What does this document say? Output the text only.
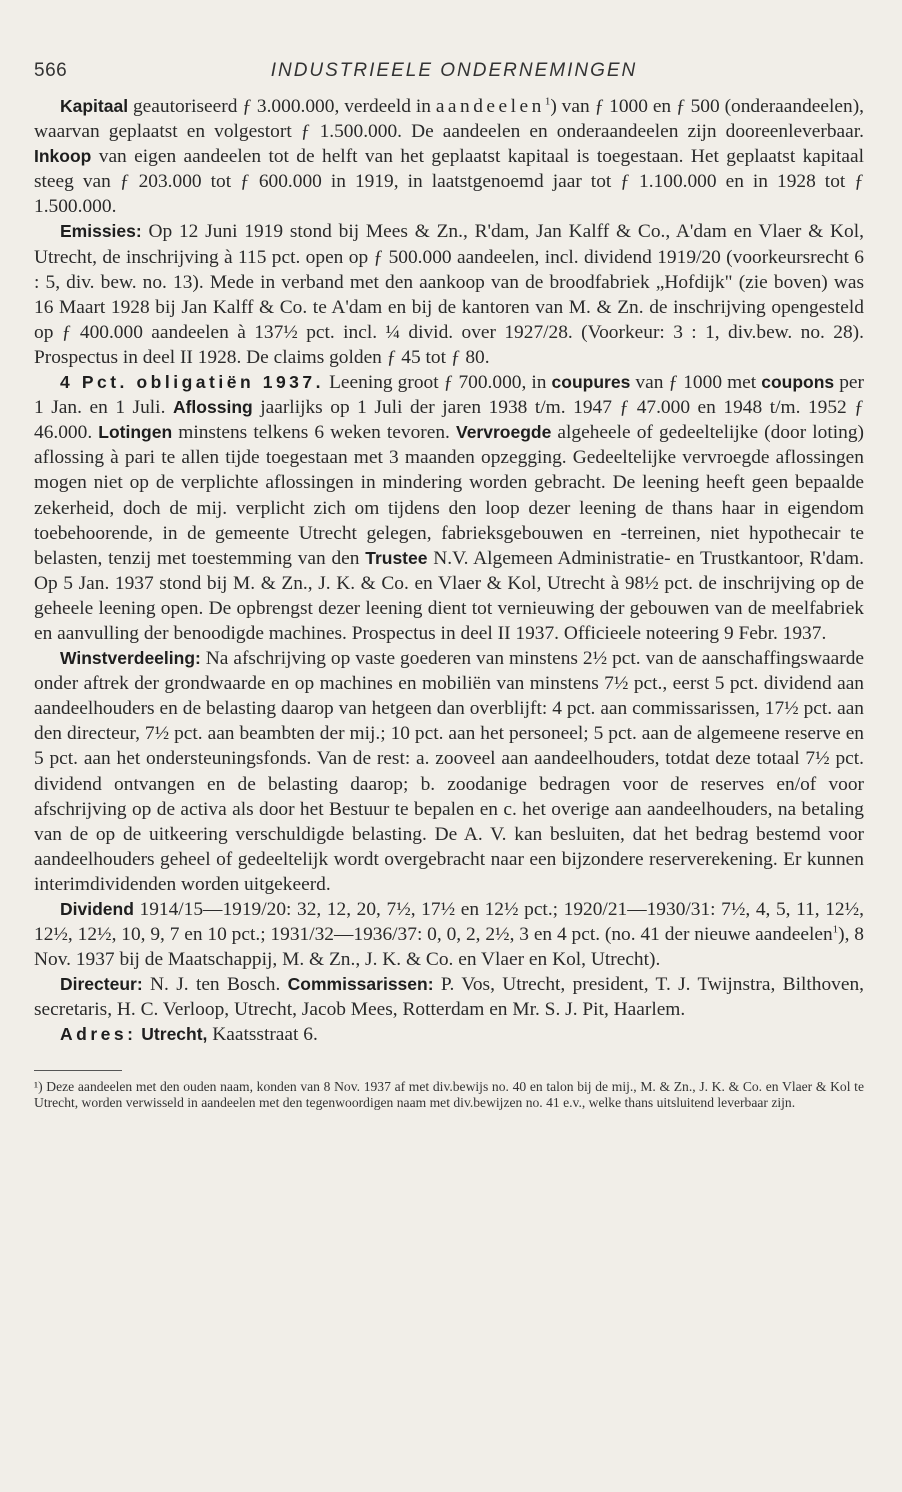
566	INDUSTRIEELE ONDERNEMINGEN

Kapitaal geautoriseerd ƒ 3.000.000, verdeeld in aandeelen$^1$) van ƒ 1000 en ƒ 500 (onderaandeelen), waarvan geplaatst en volgestort ƒ 1.500.000. De aandeelen en onderaandeelen zijn dooreenleverbaar. Inkoop van eigen aandeelen tot de helft van het geplaatst kapitaal is toegestaan. Het geplaatst kapitaal steeg van ƒ 203.000 tot ƒ 600.000 in 1919, in laatstgenoemd jaar tot ƒ 1.100.000 en in 1928 tot ƒ 1.500.000.

Emissies: Op 12 Juni 1919 stond bij Mees & Zn., R'dam, Jan Kalff & Co., A'dam en Vlaer & Kol, Utrecht, de inschrijving à 115 pct. open op ƒ 500.000 aandeelen, incl. dividend 1919/20 (voorkeursrecht 6 : 5, div. bew. no. 13). Mede in verband met den aankoop van de broodfabriek „Hofdijk" (zie boven) was 16 Maart 1928 bij Jan Kalff & Co. te A'dam en bij de kantoren van M. & Zn. de inschrijving opengesteld op ƒ 400.000 aandeelen à 137½ pct. incl. ¼ divid. over 1927/28. (Voorkeur: 3 : 1, div.bew. no. 28). Prospectus in deel II 1928. De claims golden ƒ 45 tot ƒ 80.

4 Pct. obligatiën 1937. Leening groot ƒ 700.000, in coupures van ƒ 1000 met coupons per 1 Jan. en 1 Juli. Aflossing jaarlijks op 1 Juli der jaren 1938 t/m. 1947 ƒ 47.000 en 1948 t/m. 1952 ƒ 46.000. Lotingen minstens telkens 6 weken tevoren. Vervroegde algeheele of gedeeltelijke (door loting) aflossing à pari te allen tijde toegestaan met 3 maanden opzegging. Gedeeltelijke vervroegde aflossingen mogen niet op de verplichte aflossingen in mindering worden gebracht. De leening heeft geen bepaalde zekerheid, doch de mij. verplicht zich om tijdens den loop dezer leening de thans haar in eigendom toebehoorende, in de gemeente Utrecht gelegen, fabrieksgebouwen en -terreinen, niet hypothecair te belasten, tenzij met toestemming van den Trustee N.V. Algemeen Administratie- en Trustkantoor, R'dam. Op 5 Jan. 1937 stond bij M. & Zn., J. K. & Co. en Vlaer & Kol, Utrecht à 98½ pct. de inschrijving op de geheele leening open. De opbrengst dezer leening dient tot vernieuwing der gebouwen van de meelfabriek en aanvulling der benoodigde machines. Prospectus in deel II 1937. Officieele noteering 9 Febr. 1937.

Winstverdeeling: Na afschrijving op vaste goederen van minstens 2½ pct. van de aanschaffingswaarde onder aftrek der grondwaarde en op machines en mobiliën van minstens 7½ pct., eerst 5 pct. dividend aan aandeelhouders en de belasting daarop van hetgeen dan overblijft: 4 pct. aan commissarissen, 17½ pct. aan den directeur, 7½ pct. aan beambten der mij.; 10 pct. aan het personeel; 5 pct. aan de algemeene reserve en 5 pct. aan het ondersteuningsfonds. Van de rest: a. zooveel aan aandeelhouders, totdat deze totaal 7½ pct. dividend ontvangen en de belasting daarop; b. zoodanige bedragen voor de reserves en/of voor afschrijving op de activa als door het Bestuur te bepalen en c. het overige aan aandeelhouders, na betaling van de op de uitkeering verschuldigde belasting. De A. V. kan besluiten, dat het bedrag bestemd voor aandeelhouders geheel of gedeeltelijk wordt overgebracht naar een bijzondere reserverekening. Er kunnen interimdividenden worden uitgekeerd.

Dividend 1914/15—1919/20: 32, 12, 20, 7½, 17½ en 12½ pct.; 1920/21—1930/31: 7½, 4, 5, 11, 12½, 12½, 12½, 10, 9, 7 en 10 pct.; 1931/32—1936/37: 0, 0, 2, 2½, 3 en 4 pct. (no. 41 der nieuwe aandeelen$^1$), 8 Nov. 1937 bij de Maatschappij, M. & Zn., J. K. & Co. en Vlaer en Kol, Utrecht).

Directeur: N. J. ten Bosch. Commissarissen: P. Vos, Utrecht, president, T. J. Twijnstra, Bilthoven, secretaris, H. C. Verloop, Utrecht, Jacob Mees, Rotterdam en Mr. S. J. Pit, Haarlem.

Adres: Utrecht, Kaatsstraat 6.

¹) Deze aandeelen met den ouden naam, konden van 8 Nov. 1937 af met div.bewijs no. 40 en talon bij de mij., M. & Zn., J. K. & Co. en Vlaer & Kol te Utrecht, worden verwisseld in aandeelen met den tegenwoordigen naam met div.bewijzen no. 41 e.v., welke thans uitsluitend leverbaar zijn.
